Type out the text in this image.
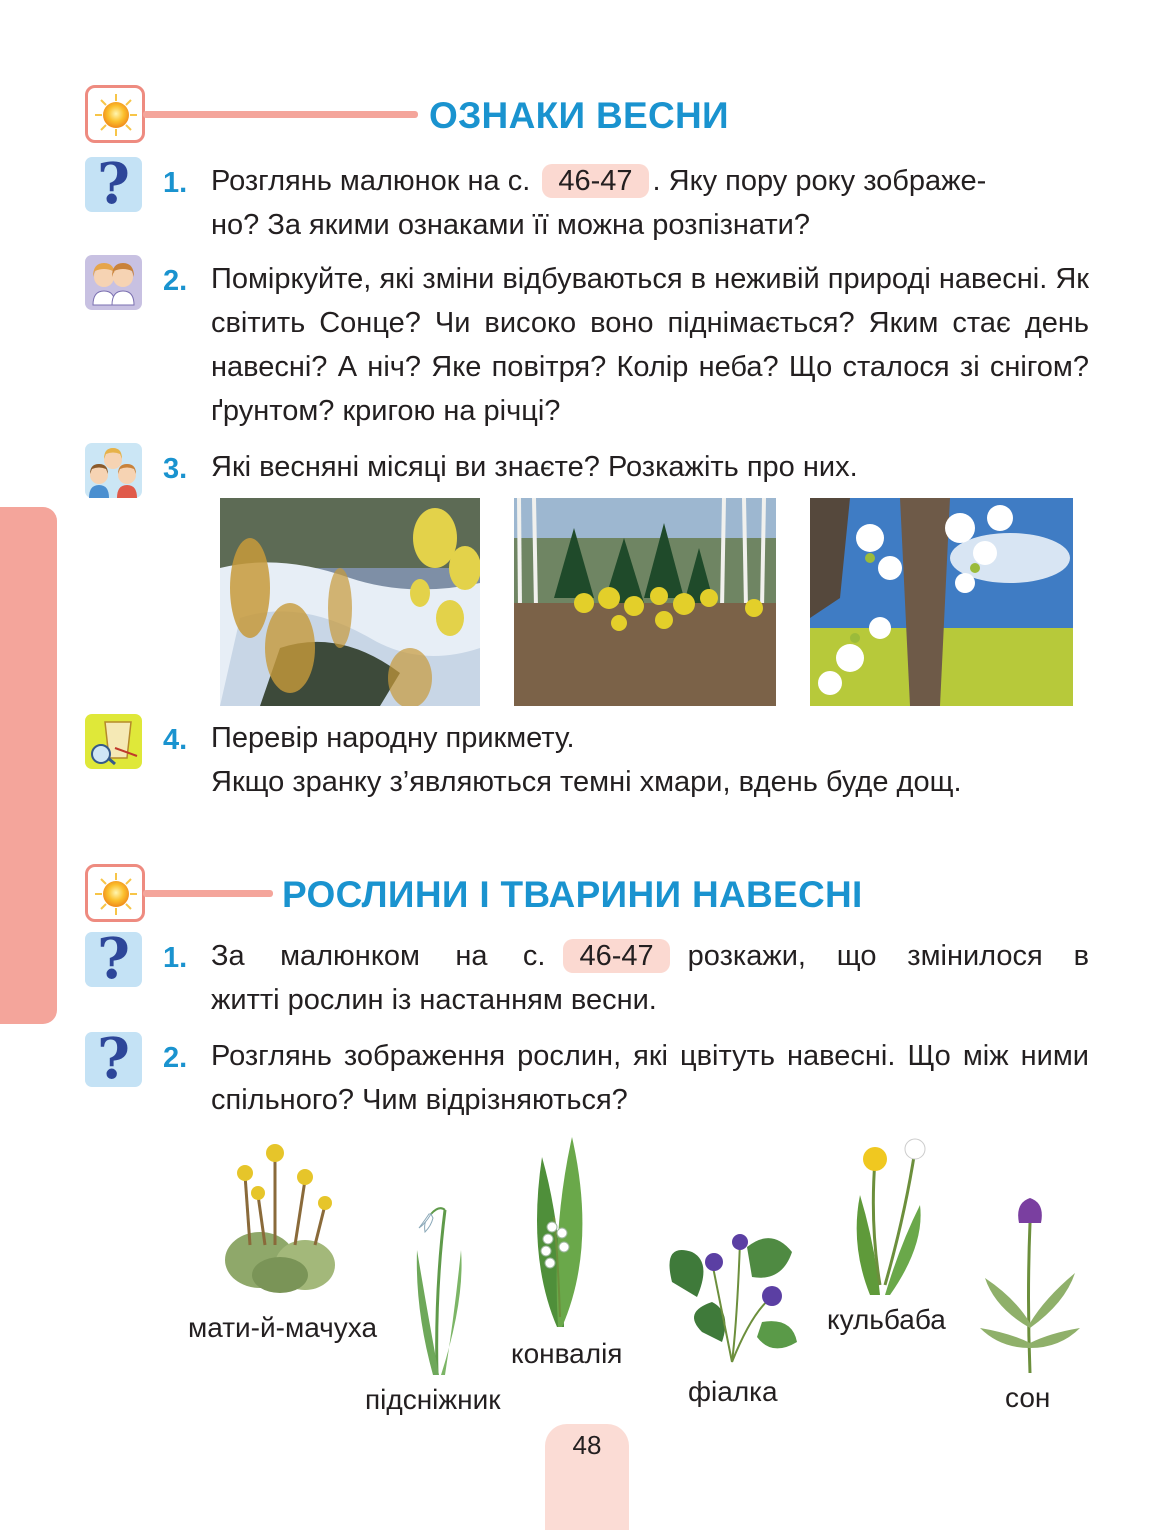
ОЗНАКИ ВЕСНИ
?	1. Розглянь малюнок на с. 46-47 . Яку пору року зображе-

но? За якими ознаками її можна розпізнати?

2. Поміркуйте, які зміни відбуваються в неживій природі навесні. Як світить Сонце? Чи високо воно піднімається? Яким стає день навесні? А ніч? Яке повітря? Колір неба? Що сталося зі снігом? ґрунтом? кригою на річці?
3. Які весняні місяці ви знаєте? Розкажіть про них.
4. Перевір народну прикмету.

Якщо зранку з’являються темні хмари, вдень буде дощ.

РОСЛИНИ І ТВАРИНИ НАВЕСНІ
?	1. За малюнком на с.	46-47	розкажи, що змінилося в

житті рослин із настанням весни.

?	2. Розглянь зображення рослин, які цвітуть навесні. Що між ними спільного? Чим відрізняються?
мати-й-мачуха
підсніжник
конвалія
фіалка
кульбаба
сон
48
